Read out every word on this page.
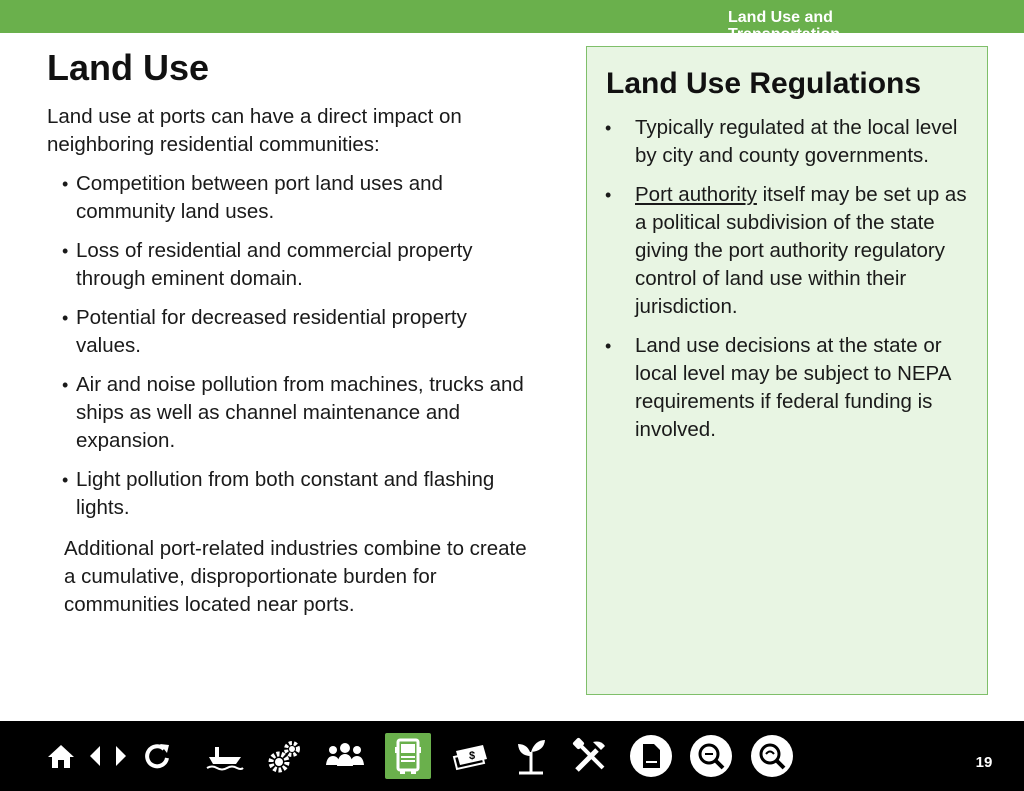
Land Use and Transportation
Land Use

Land use at ports can have a direct impact on neighboring residential communities:

• Competition between port land uses and community land uses.
• Loss of residential and commercial property through eminent domain.
• Potential for decreased residential property values.
• Air and noise pollution from machines, trucks and ships as well as channel maintenance and expansion.
• Light pollution from both constant and flashing lights.

Additional port-related industries combine to create a cumulative, disproportionate burden for communities located near ports.

Land Use Regulations
• Typically regulated at the local level by city and county governments.
• Port authority itself may be set up as a political subdivision of the state giving the port authority regulatory control of land use within their jurisdiction.
• Land use decisions at the state or local level may be subject to NEPA requirements if federal funding is involved.
$	19
